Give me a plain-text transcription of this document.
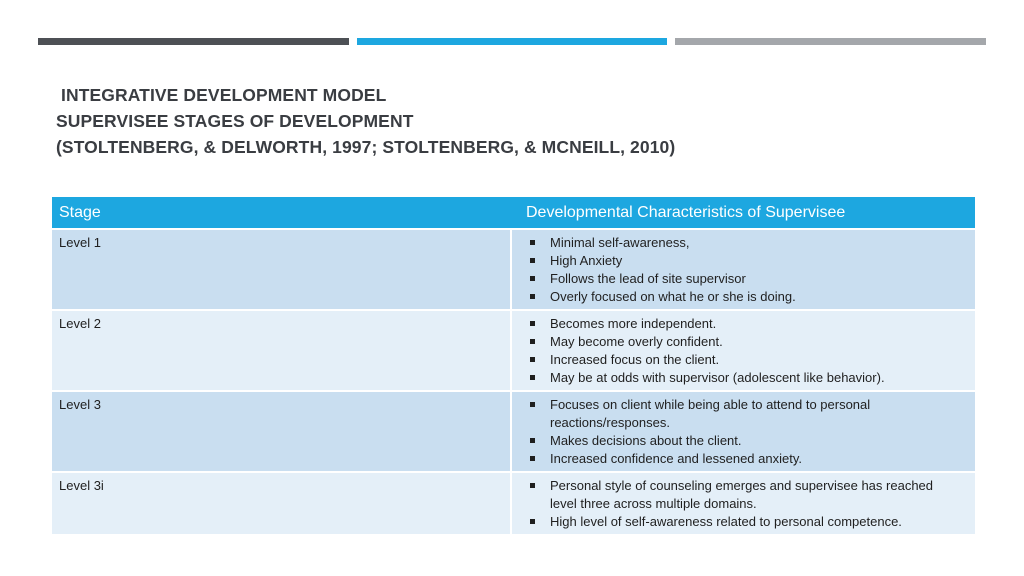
INTEGRATIVE DEVELOPMENT MODEL
SUPERVISEE STAGES OF DEVELOPMENT
(STOLTENBERG, & DELWORTH, 1997; STOLTENBERG, & MCNEILL, 2010)
Stage	Developmental Characteristics of Supervisee
Level 1	Minimal self-awareness,
High Anxiety
Follows the lead of site supervisor
Overly focused on what he or she is doing.
Level 2	Becomes more independent.
May become overly confident.
Increased focus on the client.
May be at odds with supervisor (adolescent like behavior).
Level 3	Focuses on client while being able to attend to personal reactions/responses.
Makes decisions about the client.
Increased confidence and lessened anxiety.
Level 3i	Personal style of counseling emerges and supervisee has reached level three across multiple domains.
High level of self-awareness related to personal competence.
